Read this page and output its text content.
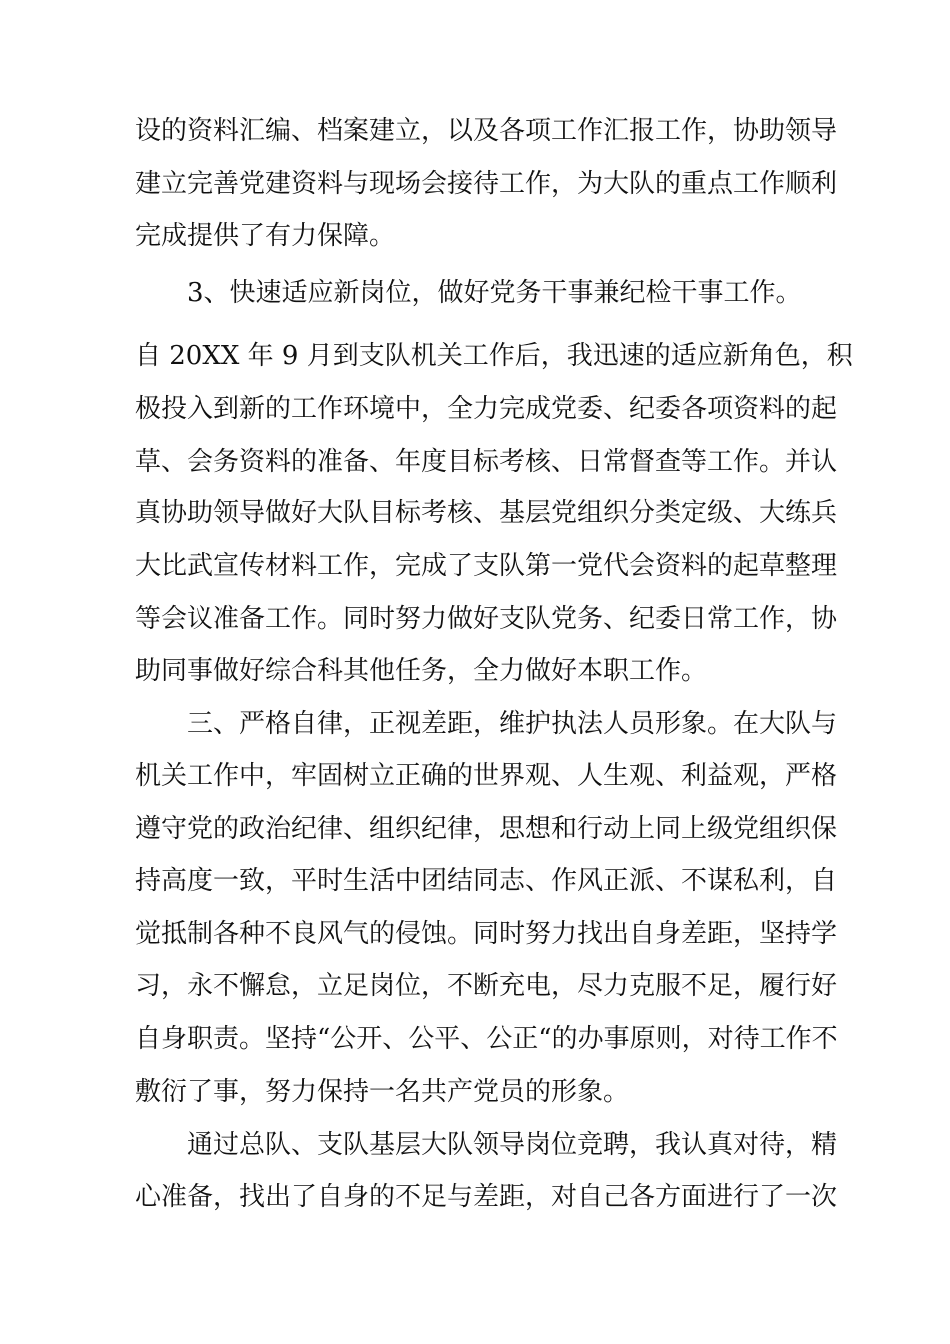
设的资料汇编、档案建立，以及各项工作汇报工作，协助领导
建立完善党建资料与现场会接待工作，为大队的重点工作顺利
完成提供了有力保障。
3、快速适应新岗位，做好党务干事兼纪检干事工作。
自 20XX 年 9 月到支队机关工作后，我迅速的适应新角色，积
极投入到新的工作环境中，全力完成党委、纪委各项资料的起
草、会务资料的准备、年度目标考核、日常督查等工作。并认
真协助领导做好大队目标考核、基层党组织分类定级、大练兵
大比武宣传材料工作，完成了支队第一党代会资料的起草整理
等会议准备工作。同时努力做好支队党务、纪委日常工作，协
助同事做好综合科其他任务，全力做好本职工作。
三、严格自律，正视差距，维护执法人员形象。在大队与
机关工作中，牢固树立正确的世界观、人生观、利益观，严格
遵守党的政治纪律、组织纪律，思想和行动上同上级党组织保
持高度一致，平时生活中团结同志、作风正派、不谋私利，自
觉抵制各种不良风气的侵蚀。同时努力找出自身差距，坚持学
习，永不懈怠，立足岗位，不断充电，尽力克服不足，履行好
自身职责。坚持“公开、公平、公正“的办事原则，对待工作不
敷衍了事，努力保持一名共产党员的形象。
通过总队、支队基层大队领导岗位竞聘，我认真对待，精
心准备，找出了自身的不足与差距，对自己各方面进行了一次
